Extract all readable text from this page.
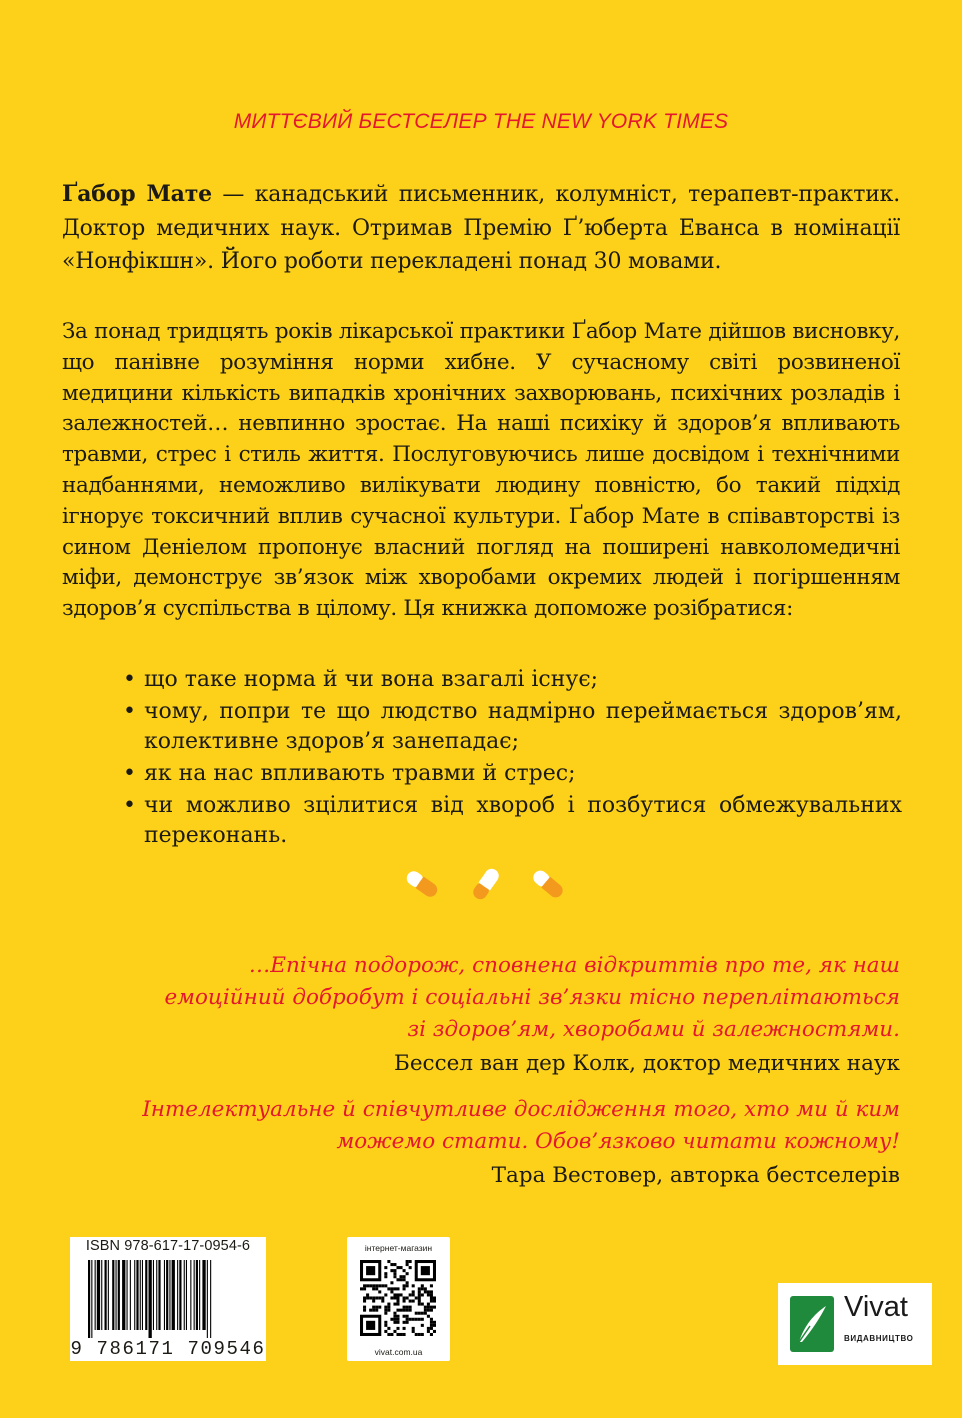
МИТТЄВИЙ БЕСТСЕЛЕР THE NEW YORK TIMES
Ґабор Мате — канадський письменник, колумніст, терапевт-практик. Доктор медичних наук. Отримав Премію Ґ’юберта Еванса в номінації «Нонфікшн». Його роботи перекладені понад 30 мовами.
За понад тридцять років лікарської практики Ґабор Мате дійшов висновку, що панівне розуміння норми хибне. У сучасному світі розвиненої медицини кількість випадків хронічних захворювань, психічних розладів і залежностей… невпинно зростає. На наші психіку й здоров’я впливають травми, стрес і стиль життя. Послуговуючись лише досвідом і технічними надбаннями, неможливо вилікувати людину повністю, бо такий підхід ігнорує токсичний вплив сучасної культури. Ґабор Мате в співавторстві із сином Деніелом пропонує власний погляд на поширені навколомедичні міфи, демонструє зв’язок між хворобами окремих людей і погіршенням здоров’я суспільства в цілому. Ця книжка допоможе розібратися:
• що таке норма й чи вона взагалі існує;
• чому, попри те що людство надмірно переймається здоров’ям, колективне здоров’я занепадає;
• як на нас впливають травми й стрес;
• чи можливо зцілитися від хвороб і позбутися обмежувальних переконань.
…Епічна подорож, сповнена відкриттів про те, як наш емоційний добробут і соціальні зв’язки тісно переплітаються зі здоров’ям, хворобами й залежностями.
Бессел ван дер Колк, доктор медичних наук
Інтелектуальне й співчутливе дослідження того, хто ми й ким можемо стати. Обов’язково читати кожному!
Тара Вестовер, авторка бестселерів
ISBN 978-617-17-0954-6
9 786171 709546
інтернет-магазин
vivat.com.ua
Vivat
ВИДАВНИЦТВО
